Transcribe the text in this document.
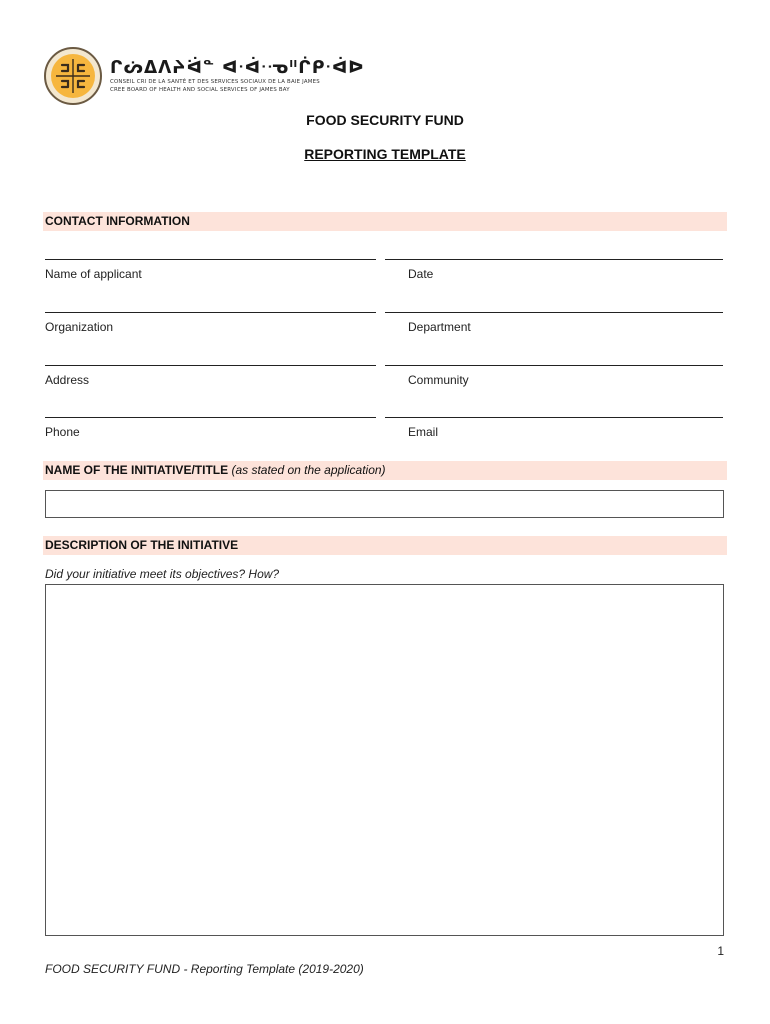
ᒋᔖᐃᐱᔨᐛᓐ ᐊᐧᐋᐧᓉᐦᒌᑭᐧᐋᐅ
CONSEIL CRI DE LA SANTÉ ET DES SERVICES SOCIAUX DE LA BAIE JAMES
CREE BOARD OF HEALTH AND SOCIAL SERVICES OF JAMES BAY
FOOD SECURITY FUND
REPORTING TEMPLATE
CONTACT INFORMATION
Name of applicant	Date
Organization	Department
Address	Community
Phone	Email
NAME OF THE INITIATIVE/TITLE (as stated on the application)
DESCRIPTION OF THE INITIATIVE
Did your initiative meet its objectives? How?
1
FOOD SECURITY FUND - Reporting Template (2019-2020)
